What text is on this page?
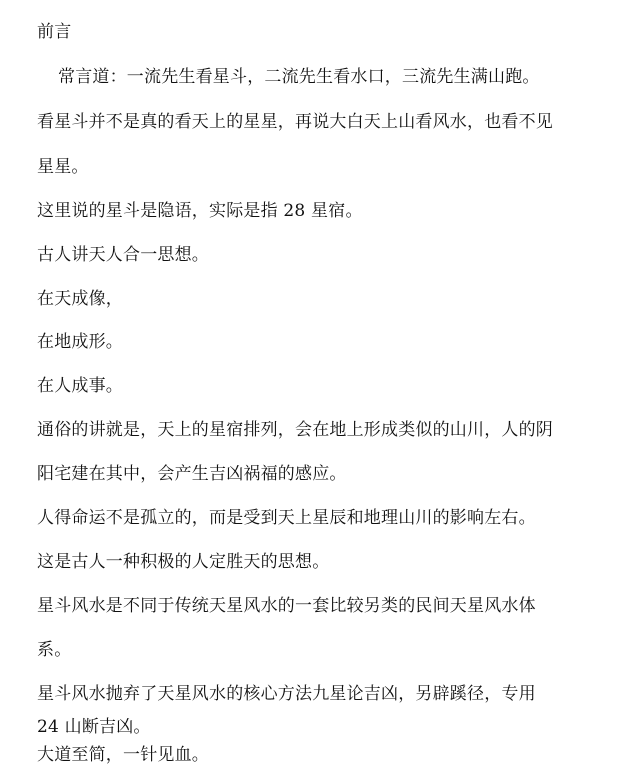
前言
常言道：一流先生看星斗，二流先生看水口，三流先生满山跑。
看星斗并不是真的看天上的星星，再说大白天上山看风水，也看不见
星星。
这里说的星斗是隐语，实际是指 28 星宿。
古人讲天人合一思想。
在天成像，
在地成形。
在人成事。
通俗的讲就是，天上的星宿排列，会在地上形成类似的山川，人的阴
阳宅建在其中，会产生吉凶祸福的感应。
人得命运不是孤立的，而是受到天上星辰和地理山川的影响左右。
这是古人一种积极的人定胜天的思想。
星斗风水是不同于传统天星风水的一套比较另类的民间天星风水体
系。
星斗风水抛弃了天星风水的核心方法九星论吉凶，另辟蹊径，专用
24 山断吉凶。
大道至简，一针见血。
